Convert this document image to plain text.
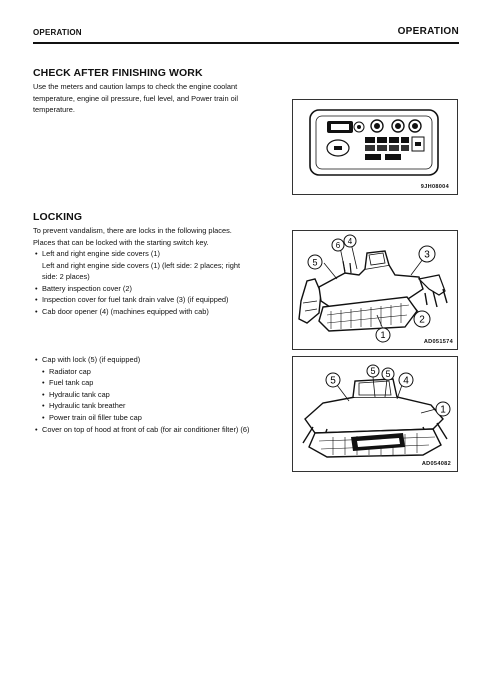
OPERATION	OPERATION
CHECK AFTER FINISHING WORK
Use the meters and caution lamps to check the engine coolant
temperature, engine oil pressure, fuel level, and Power train oil
temperature.
9JH08004
LOCKING
To prevent vandalism, there are locks in the following places.
Places that can be locked with the starting switch key.
• Left and right engine side covers (1)
Left and right engine side covers (1) (left side: 2 places; right
side: 2 places)
• Battery inspection cover (2)
• Inspection cover for fuel tank drain valve (3) (if equipped)
• Cab door opener (4) (machines equipped with cab)
1
2
3
4
5
6
AD051574
• Cap with lock (5) (if equipped)
• Radiator cap
• Fuel tank cap
• Hydraulic tank cap
• Hydraulic tank breather
• Power train oil filler tube cap
• Cover on top of hood at front of cab (for air conditioner filter) (6)
5
5 5
4
1
AD054082
